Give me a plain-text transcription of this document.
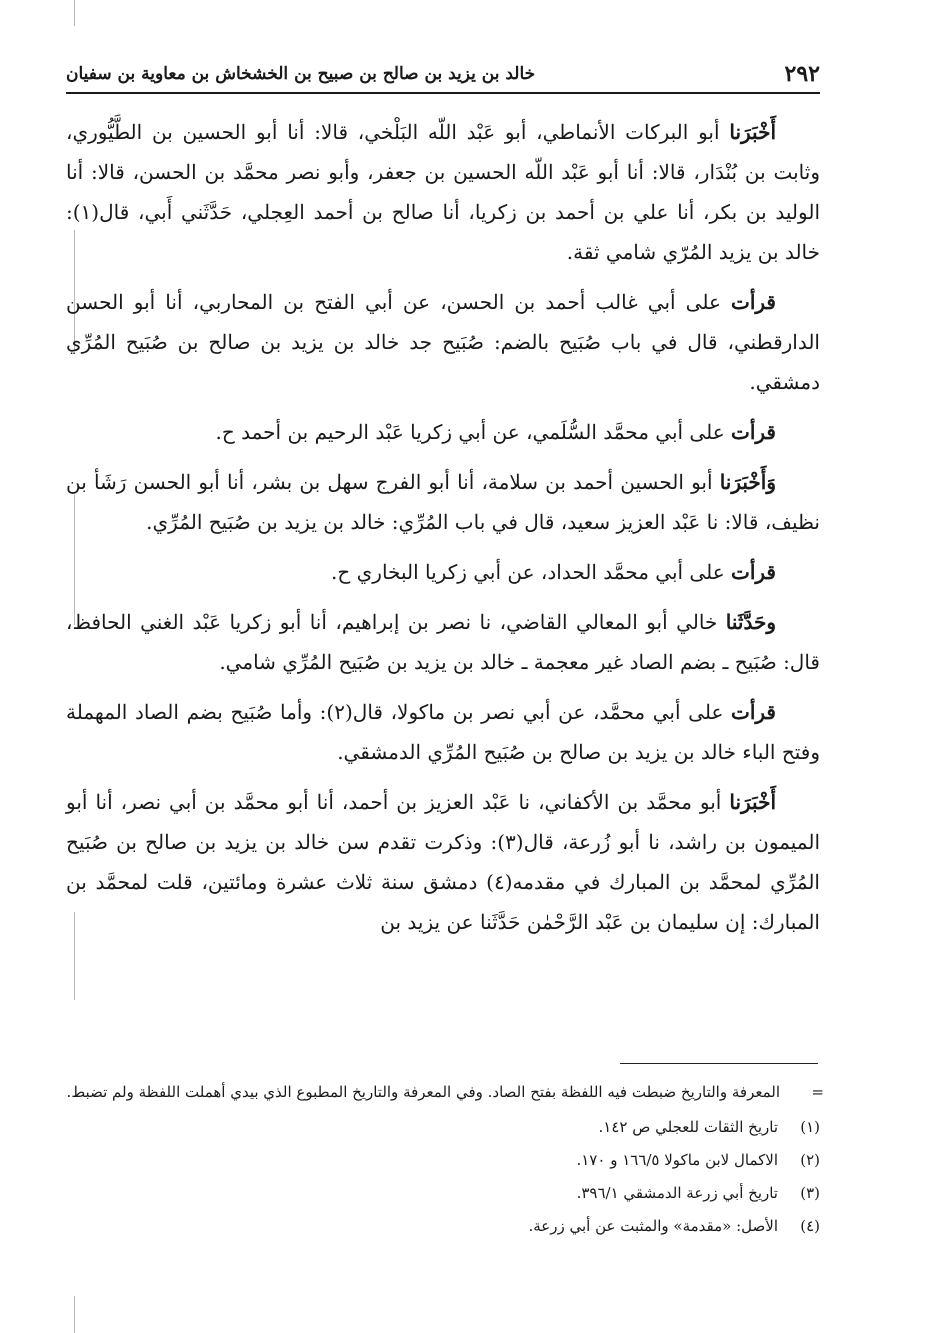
٢٩٢
خالد بن يزيد بن صالح بن صبيح بن الخشخاش بن معاوية بن سفيان

أَخْبَرَنا أبو البركات الأنماطي، أبو عَبْد اللّه البَلْخي، قالا: أنا أبو الحسين بن الطَّيُّوري، وثابت بن بُنْدَار، قالا: أنا أبو عَبْد اللّه الحسين بن جعفر، وأبو نصر محمَّد بن الحسن، قالا: أنا الوليد بن بكر، أنا علي بن أحمد بن زكريا، أنا صالح بن أحمد العِجلي، حَدَّثَني أَبي، قال(١): خالد بن يزيد المُرّي شامي ثقة.

قرأت على أبي غالب أحمد بن الحسن، عن أبي الفتح بن المحاربي، أنا أبو الحسن الدارقطني، قال في باب صُبَيح بالضم: صُبَيح جد خالد بن يزيد بن صالح بن صُبَيح المُرِّي دمشقي.

قرأت على أبي محمَّد السُّلَمي، عن أبي زكريا عَبْد الرحيم بن أحمد ح.

وَأَخْبَرَنا أبو الحسين أحمد بن سلامة، أنا أبو الفرج سهل بن بشر، أنا أبو الحسن رَشَأ بن نظيف، قالا: نا عَبْد العزيز سعيد، قال في باب المُرِّي: خالد بن يزيد بن صُبَيح المُرِّي.

قرأت على أبي محمَّد الحداد، عن أبي زكريا البخاري ح.

وحَدَّثَنا خالي أبو المعالي القاضي، نا نصر بن إبراهيم، أنا أبو زكريا عَبْد الغني الحافظ، قال: صُبَيح ـ بضم الصاد غير معجمة ـ خالد بن يزيد بن صُبَيح المُرِّي شامي.

قرأت على أبي محمَّد، عن أبي نصر بن ماكولا، قال(٢): وأما صُبَيح بضم الصاد المهملة وفتح الباء خالد بن يزيد بن صالح بن صُبَيح المُرِّي الدمشقي.

أَخْبَرَنا أبو محمَّد بن الأكفاني، نا عَبْد العزيز بن أحمد، أنا أبو محمَّد بن أبي نصر، أنا أبو الميمون بن راشد، نا أبو زُرعة، قال(٣): وذكرت تقدم سن خالد بن يزيد بن صالح بن صُبَيح المُرِّي لمحمَّد بن المبارك في مقدمه(٤) دمشق سنة ثلاث عشرة ومائتين، قلت لمحمَّد بن المبارك: إن سليمان بن عَبْد الرَّحْمٰن حَدَّثَنا عن يزيد بن

=
المعرفة والتاريخ ضبطت فيه اللفظة بفتح الصاد. وفي المعرفة والتاريخ المطبوع الذي بيدي أهملت اللفظة ولم تضبط.

(١)
تاريخ الثقات للعجلي ص ١٤٢.
(٢)
الاكمال لابن ماكولا ١٦٦/٥ و ١٧٠.
(٣)
تاريخ أبي زرعة الدمشقي ٣٩٦/١.
(٤)
الأصل: «مقدمة» والمثبت عن أبي زرعة.
